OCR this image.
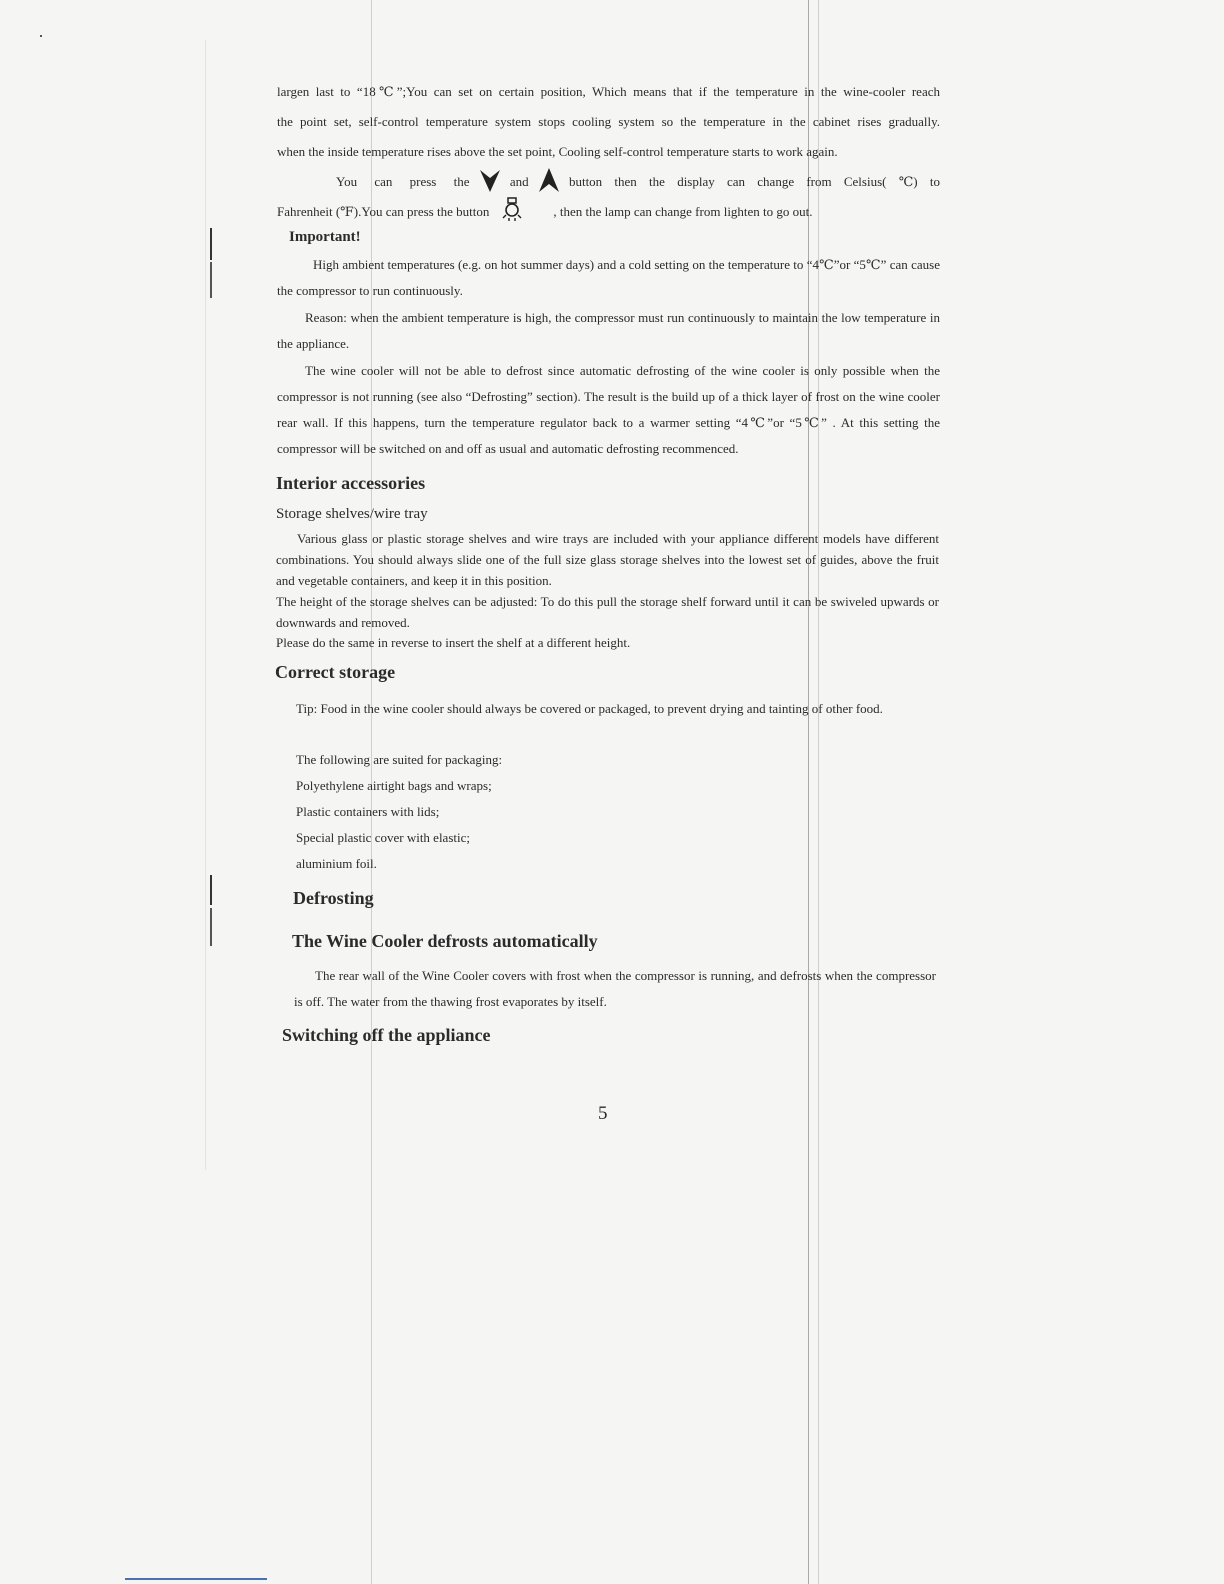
largen last to “18℃”;You can set on certain position, Which means that if the temperature in the wine-cooler reach

the point set, self-control temperature system stops cooling system so the temperature in the cabinet rises gradually.

when the inside temperature rises above the set point, Cooling self-control temperature starts to work again.

You can press the	and	button then the display can change from Celsius( ℃) to
Fahrenheit (℉).You can press the button	, then the lamp can change from lighten to go out.
Important!

High ambient temperatures (e.g. on hot summer days) and a cold setting on the temperature to “4℃”or “5℃” can cause the compressor to run continuously.

Reason: when the ambient temperature is high, the compressor must run continuously to maintain the low temperature in the appliance.

The wine cooler will not be able to defrost since automatic defrosting of the wine cooler is only possible when the compressor is not running (see also “Defrosting” section). The result is the build up of a thick layer of frost on the wine cooler rear wall. If this happens, turn the temperature regulator back to a warmer setting “4℃”or “5℃” . At this setting the compressor will be switched on and off as usual and automatic defrosting recommenced.

Interior accessories

Storage shelves/wire tray

Various glass or plastic storage shelves and wire trays are included with your appliance different models have different combinations. You should always slide one of the full size glass storage shelves into the lowest set of guides, above the fruit and vegetable containers, and keep it in this position.

The height of the storage shelves can be adjusted: To do this pull the storage shelf forward until it can be swiveled upwards or downwards and removed.

Please do the same in reverse to insert the shelf at a different height.

Correct storage

Tip: Food in the wine cooler should always be covered or packaged, to prevent drying and tainting of other food.

The following are suited for packaging:

Polyethylene airtight bags and wraps;

Plastic containers with lids;

Special plastic cover with elastic;

aluminium foil.

Defrosting
The Wine Cooler defrosts automatically

The rear wall of the Wine Cooler covers with frost when the compressor is running, and defrosts when the compressor is off. The water from the thawing frost evaporates by itself.

Switching off the appliance
5
